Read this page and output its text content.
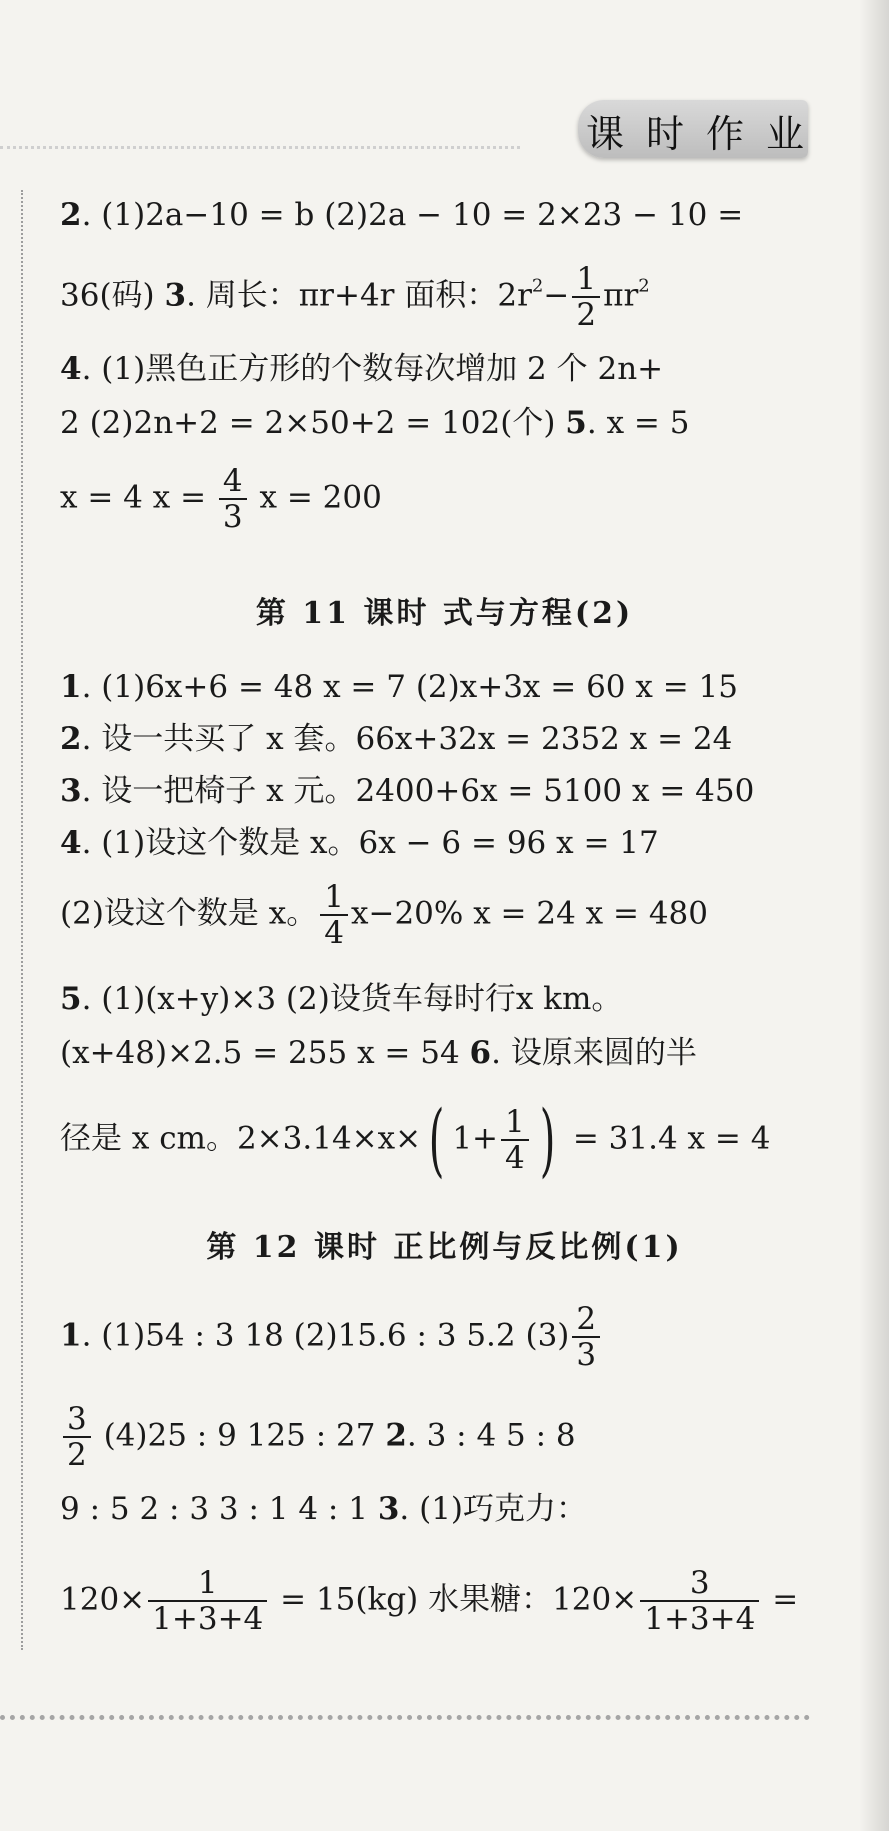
课时作业
2. (1)2a−10 = b (2)2a − 10 = 2×23 − 10 =
36(码) 3. 周长：πr+4r 面积：$2r^2- \frac{1}{2} \pi r^2$
4. (1)黑色正方形的个数每次增加 2 个 2n+
2 (2)2n+2 = 2×50+2 = 102(个) 5. x = 5
x = 4 $x = \frac{4}{3}$ x = 200
第 11 课时 式与方程(2)
1. (1)6x+6 = 48 x = 7 (2)x+3x = 60 x = 15
2. 设一共买了 x 套。66x+32x = 2352 x = 24
3. 设一把椅子 x 元。2400+6x = 5100 x = 450
4. (1)设这个数是 x。6x − 6 = 96 x = 17
(2)设这个数是 x。 $\frac{1}{4} x-20\%$ x = 24 x = 480
5. (1)(x+y)×3 (2)设货车每时行x km。
(x+48)×2.5 = 255 x = 54 6. 设原来圆的半
径是 x cm。2×3.14×x×( $1+ \frac{1}{4}$ ) = 31.4 x = 4
第 12 课时 正比例与反比例(1)
1. (1)54 : 3 18 (2)15.6 : 3 5.2 $(3) \frac{2}{3}$
$\frac{3}{2} (4)25$ : 9 125 : 27 2. 3 : 4 5 : 8
9 : 5 2 : 3 3 : 1 4 : 1 3. (1)巧克力：
$120\times \frac{1}{1+3+4} = 15(kg)$ 水果糖：$120\times \frac{3}{1+3+4}$ =
